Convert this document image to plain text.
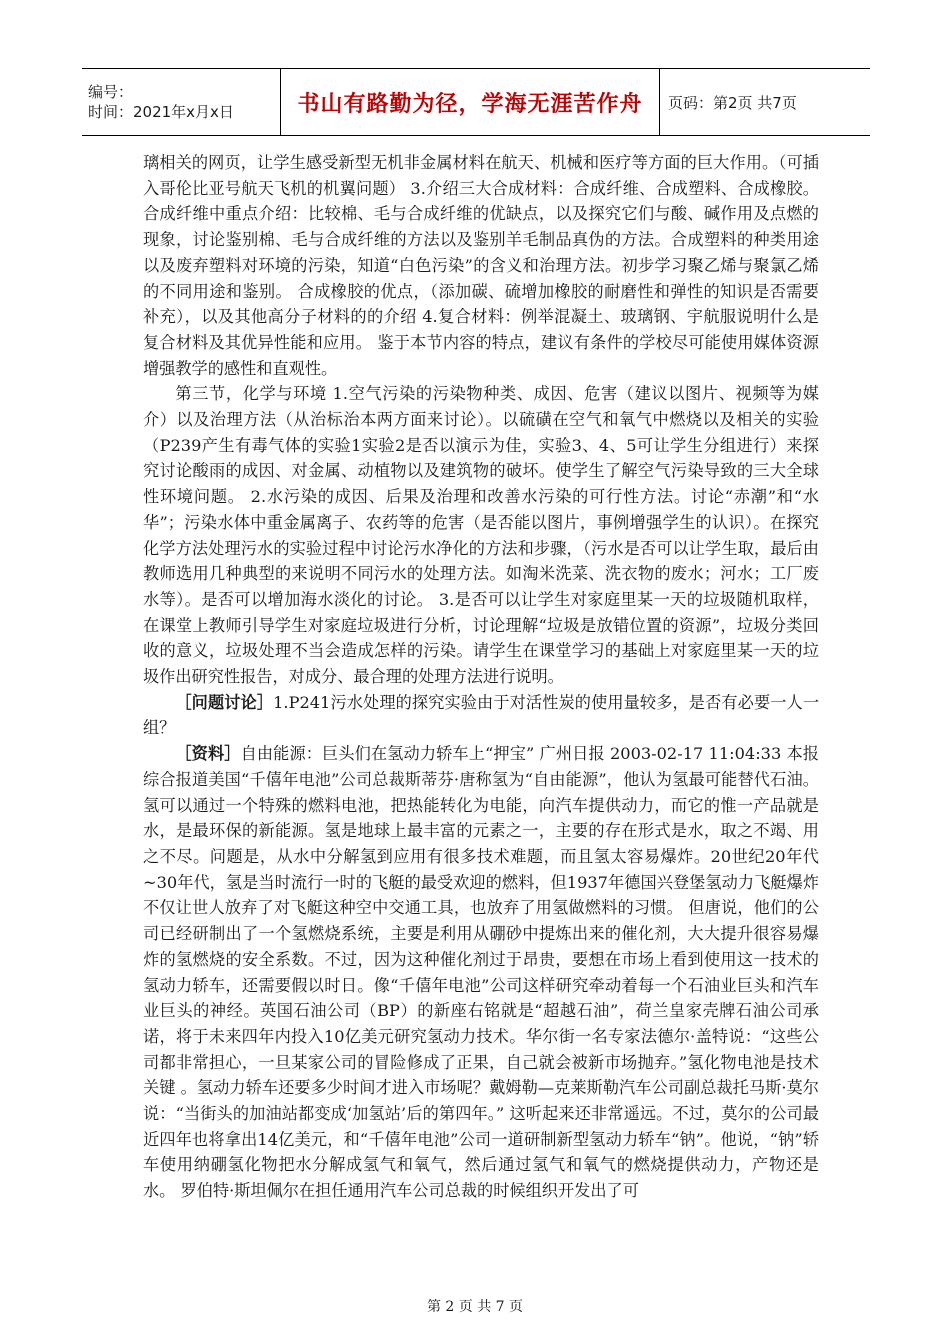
编号：
时间：2021年x月x日	书山有路勤为径，学海无涯苦作舟	页码：第2页 共7页

璃相关的网页，让学生感受新型无机非金属材料在航天、机械和医疗等方面的巨大作用。（可插入哥伦比亚号航天飞机的机翼问题） 3.介绍三大合成材料：合成纤维、合成塑料、合成橡胶。 合成纤维中重点介绍：比较棉、毛与合成纤维的优缺点，以及探究它们与酸、碱作用及点燃的现象，讨论鉴别棉、毛与合成纤维的方法以及鉴别羊毛制品真伪的方法。合成塑料的种类用途以及废弃塑料对环境的污染，知道“白色污染”的含义和治理方法。初步学习聚乙烯与聚氯乙烯的不同用途和鉴别。 合成橡胶的优点，（添加碳、硫增加橡胶的耐磨性和弹性的知识是否需要补充），以及其他高分子材料的的介绍 4.复合材料：例举混凝土、玻璃钢、宇航服说明什么是复合材料及其优异性能和应用。 鉴于本节内容的特点，建议有条件的学校尽可能使用媒体资源增强教学的感性和直观性。

第三节，化学与环境 1.空气污染的污染物种类、成因、危害（建议以图片、视频等为媒介）以及治理方法（从治标治本两方面来讨论）。以硫磺在空气和氧气中燃烧以及相关的实验（P239产生有毒气体的实验1实验2是否以演示为佳，实验3、4、5可让学生分组进行）来探究讨论酸雨的成因、对金属、动植物以及建筑物的破坏。使学生了解空气污染导致的三大全球性环境问题。 2.水污染的成因、后果及治理和改善水污染的可行性方法。讨论“赤潮”和“水华”；污染水体中重金属离子、农药等的危害（是否能以图片，事例增强学生的认识）。在探究化学方法处理污水的实验过程中讨论污水净化的方法和步骤，（污水是否可以让学生取，最后由教师选用几种典型的来说明不同污水的处理方法。如淘米洗菜、洗衣物的废水；河水；工厂废水等）。是否可以增加海水淡化的讨论。 3.是否可以让学生对家庭里某一天的垃圾随机取样，在课堂上教师引导学生对家庭垃圾进行分析，讨论理解“垃圾是放错位置的资源”，垃圾分类回收的意义，垃圾处理不当会造成怎样的污染。请学生在课堂学习的基础上对家庭里某一天的垃圾作出研究性报告，对成分、最合理的处理方法进行说明。

［问题讨论］1.P241污水处理的探究实验由于对活性炭的使用量较多，是否有必要一人一组？

［资料］自由能源：巨头们在氢动力轿车上“押宝” 广州日报 2003-02-17 11:04:33 本报综合报道美国“千僖年电池”公司总裁斯蒂芬·唐称氢为“自由能源”，他认为氢最可能替代石油。 氢可以通过一个特殊的燃料电池，把热能转化为电能，向汽车提供动力，而它的惟一产品就是水，是最环保的新能源。氢是地球上最丰富的元素之一，主要的存在形式是水，取之不竭、用之不尽。问题是，从水中分解氢到应用有很多技术难题，而且氢太容易爆炸。20世纪20年代~30年代，氢是当时流行一时的飞艇的最受欢迎的燃料，但1937年德国兴登堡氢动力飞艇爆炸不仅让世人放弃了对飞艇这种空中交通工具，也放弃了用氢做燃料的习惯。 但唐说，他们的公司已经研制出了一个氢燃烧系统，主要是利用从硼砂中提炼出来的催化剂，大大提升很容易爆炸的氢燃烧的安全系数。不过，因为这种催化剂过于昂贵，要想在市场上看到使用这一技术的氢动力轿车，还需要假以时日。像“千僖年电池”公司这样研究牵动着每一个石油业巨头和汽车业巨头的神经。英国石油公司（BP）的新座右铭就是“超越石油”，荷兰皇家壳牌石油公司承诺，将于未来四年内投入10亿美元研究氢动力技术。华尔街一名专家法德尔·盖特说：“这些公司都非常担心，一旦某家公司的冒险修成了正果，自己就会被新市场抛弃。”氢化物电池是技术关键 。氢动力轿车还要多少时间才进入市场呢？戴姆勒—克莱斯勒汽车公司副总裁托马斯·莫尔说：“当街头的加油站都变成‘加氢站’后的第四年。” 这听起来还非常遥远。不过，莫尔的公司最近四年也将拿出14亿美元，和“千僖年电池”公司一道研制新型氢动力轿车“钠”。他说，“钠”轿车使用纳硼氢化物把水分解成氢气和氧气，然后通过氢气和氧气的燃烧提供动力，产物还是水。 罗伯特·斯坦佩尔在担任通用汽车公司总裁的时候组织开发出了可

第 2 页 共 7 页
